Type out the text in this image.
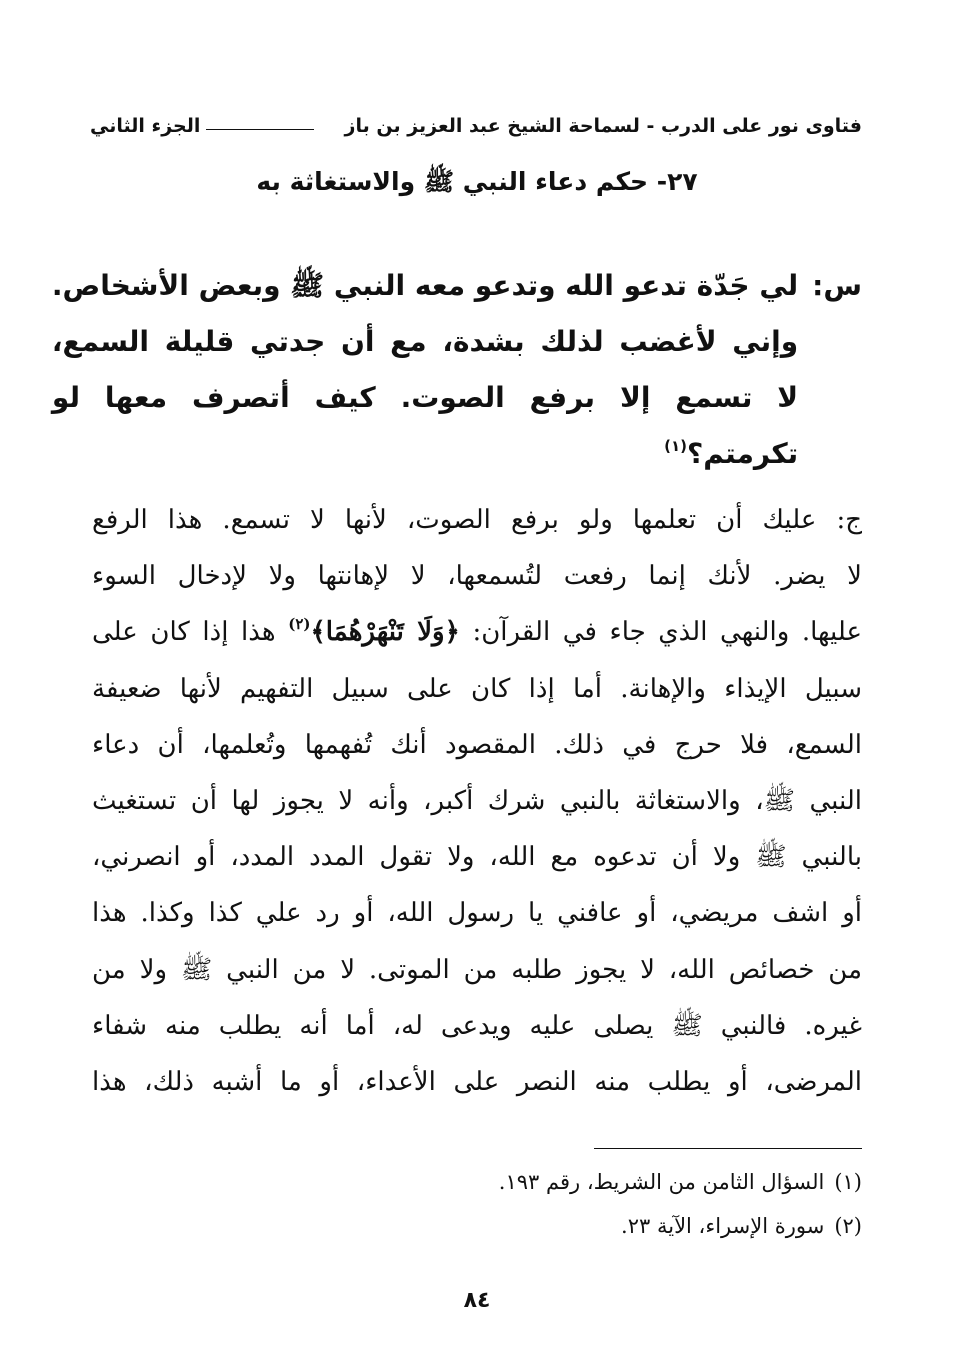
فتاوى نور على الدرب - لسماحة الشيخ عبد العزيز بن باز
الجزء الثاني
٢٧- حكم دعاء النبي ﷺ والاستغاثة به
س:
لي جَدّة تدعو الله وتدعو معه النبي ﷺ وبعض الأشخاص.
وإني لأغضب لذلك بشدة، مع أن جدتي قليلة السمع،
لا تسمع إلا برفع الصوت. كيف أتصرف معها لو
تكرمتم؟$^{(١)}$
ج: عليك أن تعلمها ولو برفع الصوت، لأنها لا تسمع. هذا الرفع
لا يضر. لأنك إنما رفعت لتُسمعها، لا لإهانتها ولا لإدخال السوء
عليها. والنهي الذي جاء في القرآن: ﴿وَلَا تَنْهَرْهُمَا﴾$^{(٢)}$ هذا إذا كان على
سبيل الإيذاء والإهانة. أما إذا كان على سبيل التفهيم لأنها ضعيفة
السمع، فلا حرج في ذلك. المقصود أنك تُفهمها وتُعلمها، أن دعاء
النبي ﷺ، والاستغاثة بالنبي شرك أكبر، وأنه لا يجوز لها أن تستغيث
بالنبي ﷺ ولا أن تدعوه مع الله، ولا تقول المدد المدد، أو انصرني،
أو اشف مريضي، أو عافني يا رسول الله، أو رد علي كذا وكذا. هذا
من خصائص الله، لا يجوز طلبه من الموتى. لا من النبي ﷺ ولا من
غيره. فالنبي ﷺ يصلى عليه ويدعى له، أما أنه يطلب منه شفاء
المرضى، أو يطلب منه النصر على الأعداء، أو ما أشبه ذلك، هذا
(١)السؤال الثامن من الشريط، رقم ١٩٣.
(٢)سورة الإسراء، الآية ٢٣.
٨٤
